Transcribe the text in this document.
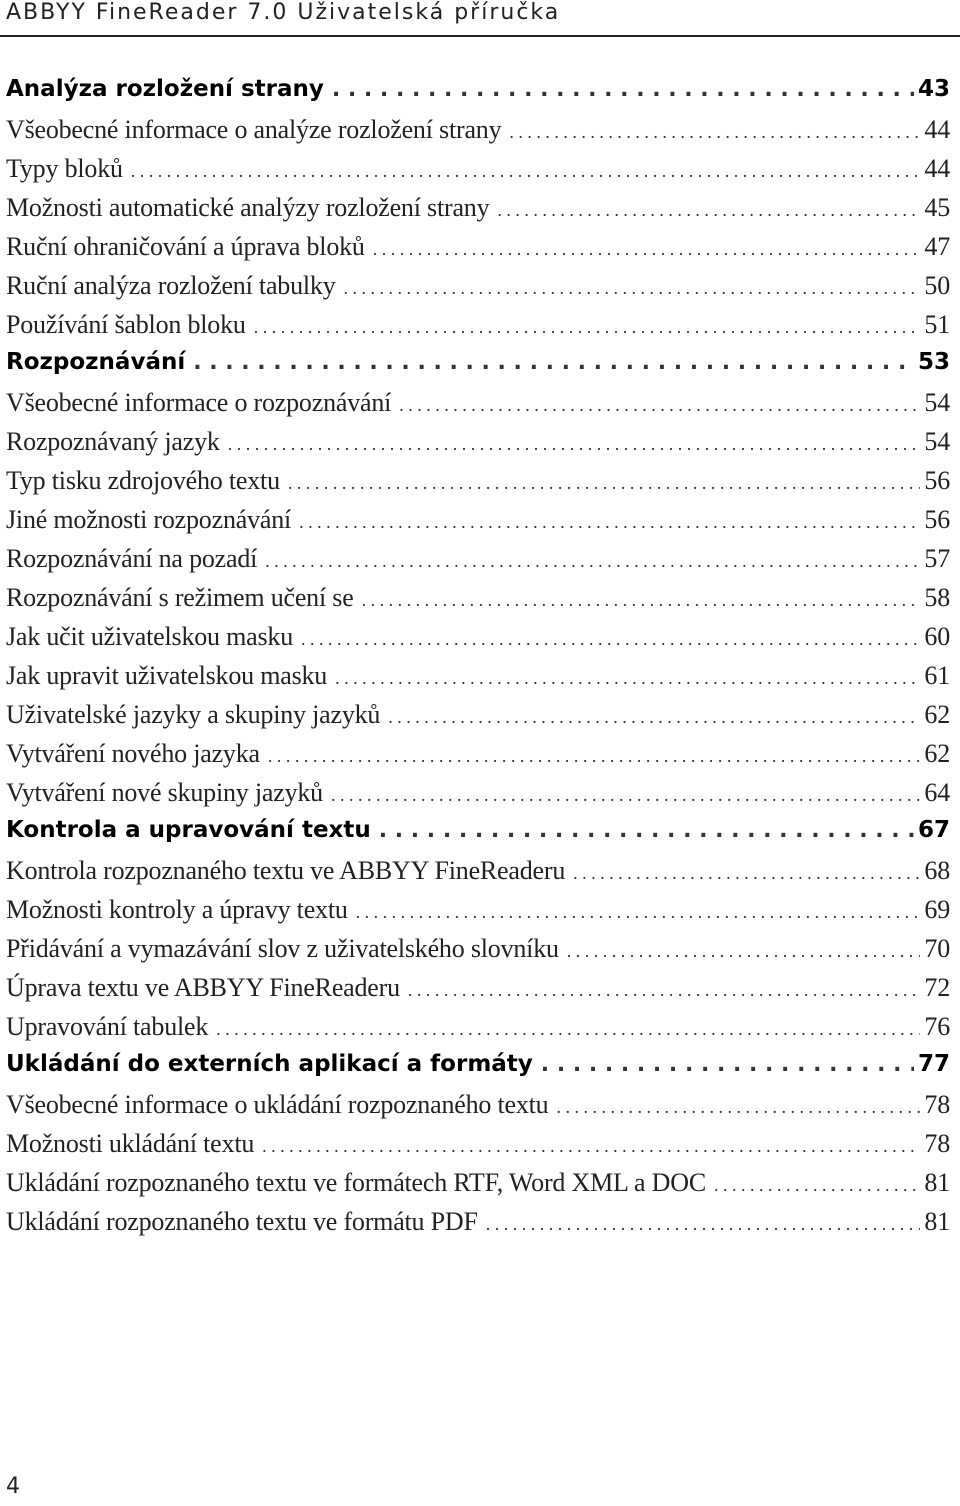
ABBYY FineReader 7.0 Uživatelská příručka
Analýza rozložení strany . . .	43
Všeobecné informace o analýze rozložení strany . . .	44
Typy bloků . . .	44
Možnosti automatické analýzy rozložení strany . . .	45
Ruční ohraničování a úprava bloků . . .	47
Ruční analýza rozložení tabulky . . .	50
Používání šablon bloku . . .	51
Rozpoznávání . . .	53
Všeobecné informace o rozpoznávání . . .	54
Rozpoznávaný jazyk . . .	54
Typ tisku zdrojového textu . . .	56
Jiné možnosti rozpoznávání . . .	56
Rozpoznávání na pozadí . . .	57
Rozpoznávání s režimem učení se . . .	58
Jak učit uživatelskou masku . . .	60
Jak upravit uživatelskou masku . . .	61
Uživatelské jazyky a skupiny jazyků . . .	62
Vytváření nového jazyka . . .	62
Vytváření nové skupiny jazyků . . .	64
Kontrola a upravování textu . . .	67
Kontrola rozpoznaného textu ve ABBYY FineReaderu . . .	68
Možnosti kontroly a úpravy textu . . .	69
Přidávání a vymazávání slov z uživatelského slovníku . . .	70
Úprava textu ve ABBYY FineReaderu . . .	72
Upravování tabulek . . .	76
Ukládání do externích aplikací a formáty . . .	77
Všeobecné informace o ukládání rozpoznaného textu . . .	78
Možnosti ukládání textu . . .	78
Ukládání rozpoznaného textu ve formátech RTF, Word XML a DOC . . .	81
Ukládání rozpoznaného textu ve formátu PDF . . .	81
4
